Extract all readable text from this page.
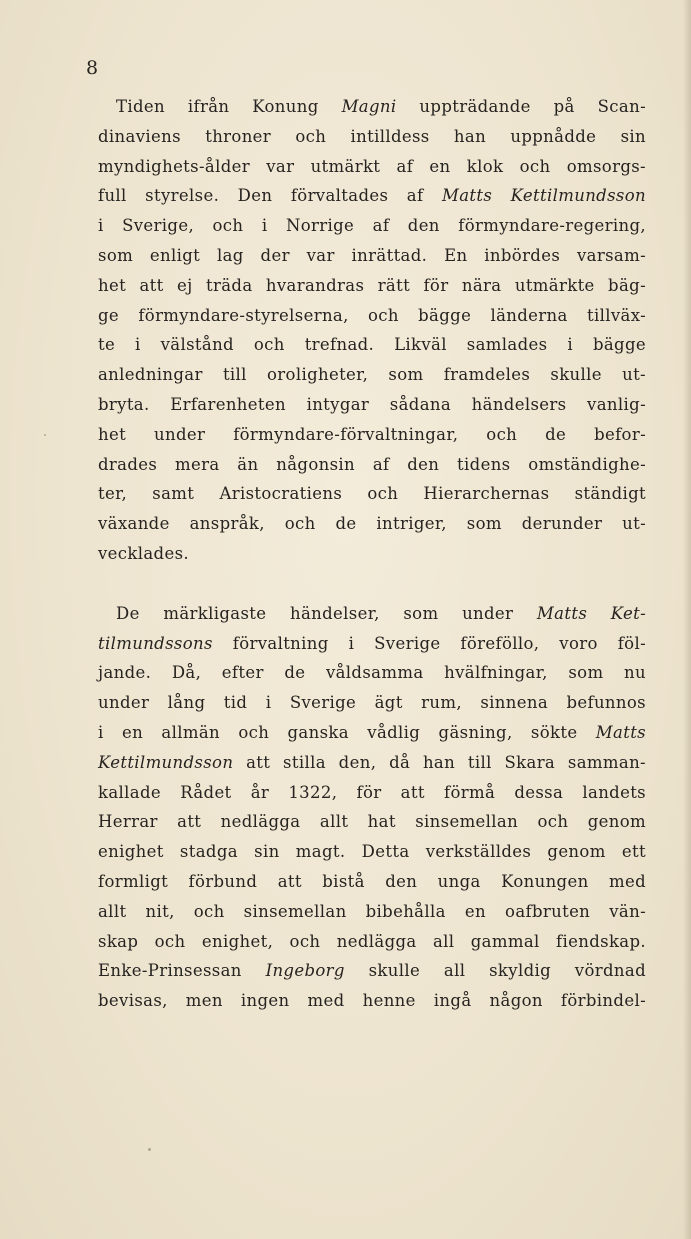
8
Tiden ifrån Konung Magni uppträdande på Scan-
dinaviens throner och intilldess han uppnådde sin
myndighets-ålder var utmärkt af en klok och omsorgs-
full styrelse. Den förvaltades af Matts Kettilmundsson
i Sverige, och i Norrige af den förmyndare-regering,
som enligt lag der var inrättad. En inbördes varsam-
het att ej träda hvarandras rätt för nära utmärkte bäg-
ge förmyndare-styrelserna, och bägge länderna tillväx-
te i välstånd och trefnad. Likväl samlades i bägge
anledningar till oroligheter, som framdeles skulle ut-
bryta. Erfarenheten intygar sådana händelsers vanlig-
het under förmyndare-förvaltningar, och de befor-
drades mera än någonsin af den tidens omständighe-
ter, samt Aristocratiens och Hierarchernas ständigt
växande anspråk, och de intriger, som derunder ut-
vecklades.
De märkligaste händelser, som under Matts Ket-
tilmundssons förvaltning i Sverige föreföllo, voro föl-
jande. Då, efter de våldsamma hvälfningar, som nu
under lång tid i Sverige ägt rum, sinnena befunnos
i en allmän och ganska vådlig gäsning, sökte Matts
Kettilmundsson att stilla den, då han till Skara samman-
kallade Rådet år 1322, för att förmå dessa landets
Herrar att nedlägga allt hat sinsemellan och genom
enighet stadga sin magt. Detta verkställdes genom ett
formligt förbund att bistå den unga Konungen med
allt nit, och sinsemellan bibehålla en oafbruten vän-
skap och enighet, och nedlägga all gammal fiendskap.
Enke-Prinsessan Ingeborg skulle all skyldig vördnad
bevisas, men ingen med henne ingå någon förbindel-
